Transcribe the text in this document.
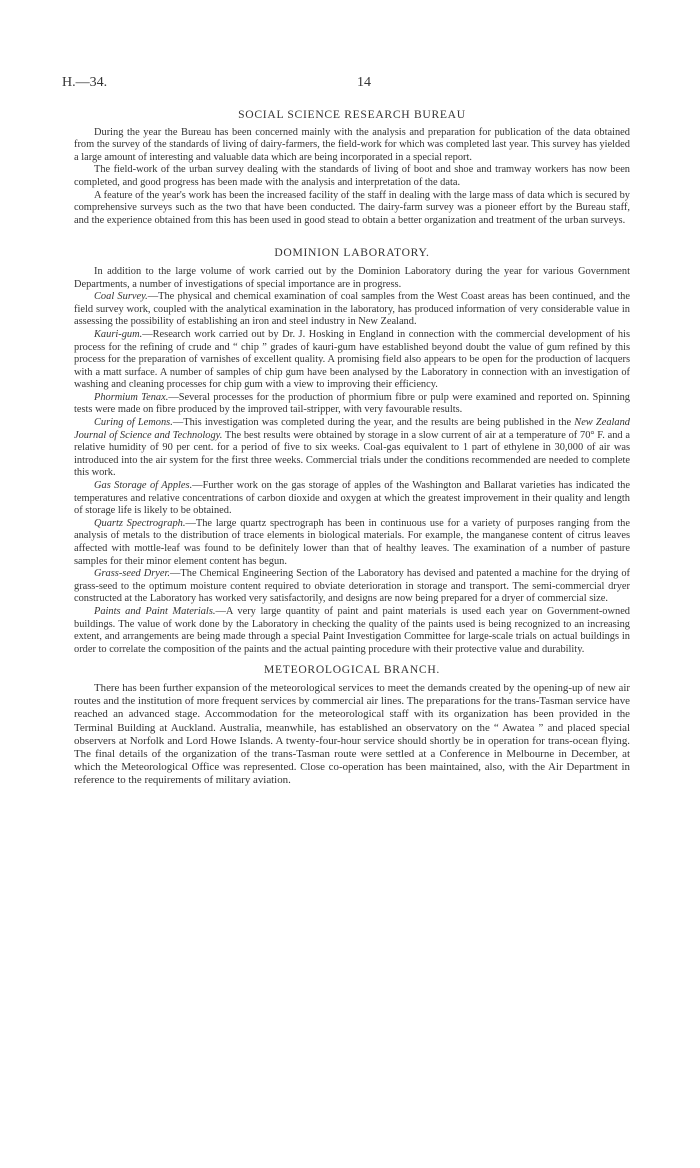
H.—34.	14
SOCIAL SCIENCE RESEARCH BUREAU

During the year the Bureau has been concerned mainly with the analysis and preparation for publication of the data obtained from the survey of the standards of living of dairy-farmers, the field-work for which was completed last year. This survey has yielded a large amount of interesting and valuable data which are being incorporated in a special report.

The field-work of the urban survey dealing with the standards of living of boot and shoe and tramway workers has now been completed, and good progress has been made with the analysis and interpretation of the data.

A feature of the year's work has been the increased facility of the staff in dealing with the large mass of data which is secured by comprehensive surveys such as the two that have been conducted. The dairy-farm survey was a pioneer effort by the Bureau staff, and the experience obtained from this has been used in good stead to obtain a better organization and treatment of the urban surveys.

DOMINION LABORATORY.

In addition to the large volume of work carried out by the Dominion Laboratory during the year for various Government Departments, a number of investigations of special importance are in progress.

Coal Survey.—The physical and chemical examination of coal samples from the West Coast areas has been continued, and the field survey work, coupled with the analytical examination in the laboratory, has produced information of very considerable value in assessing the possibility of establishing an iron and steel industry in New Zealand.

Kauri-gum.—Research work carried out by Dr. J. Hosking in England in connection with the commercial development of his process for the refining of crude and “ chip ” grades of kauri-gum have established beyond doubt the value of gum refined by this process for the preparation of varnishes of excellent quality. A promising field also appears to be open for the production of lacquers with a matt surface. A number of samples of chip gum have been analysed by the Laboratory in connection with an investigation of washing and cleaning processes for chip gum with a view to improving their efficiency.

Phormium Tenax.—Several processes for the production of phormium fibre or pulp were examined and reported on. Spinning tests were made on fibre produced by the improved tail-stripper, with very favourable results.

Curing of Lemons.—This investigation was completed during the year, and the results are being published in the New Zealand Journal of Science and Technology. The best results were obtained by storage in a slow current of air at a temperature of 70° F. and a relative humidity of 90 per cent. for a period of five to six weeks. Coal-gas equivalent to 1 part of ethylene in 30,000 of air was introduced into the air system for the first three weeks. Commercial trials under the conditions recommended are needed to complete this work.

Gas Storage of Apples.—Further work on the gas storage of apples of the Washington and Ballarat varieties has indicated the temperatures and relative concentrations of carbon dioxide and oxygen at which the greatest improvement in their quality and length of storage life is likely to be obtained.

Quartz Spectrograph.—The large quartz spectrograph has been in continuous use for a variety of purposes ranging from the analysis of metals to the distribution of trace elements in biological materials. For example, the manganese content of citrus leaves affected with mottle-leaf was found to be definitely lower than that of healthy leaves. The examination of a number of pasture samples for their minor element content has begun.

Grass-seed Dryer.—The Chemical Engineering Section of the Laboratory has devised and patented a machine for the drying of grass-seed to the optimum moisture content required to obviate deterioration in storage and transport. The semi-commercial dryer constructed at the Laboratory has worked very satisfactorily, and designs are now being prepared for a dryer of commercial size.

Paints and Paint Materials.—A very large quantity of paint and paint materials is used each year on Government-owned buildings. The value of work done by the Laboratory in checking the quality of the paints used is being recognized to an increasing extent, and arrangements are being made through a special Paint Investigation Committee for large-scale trials on actual buildings in order to correlate the composition of the paints and the actual painting procedure with their protective value and durability.

METEOROLOGICAL BRANCH.

There has been further expansion of the meteorological services to meet the demands created by the opening-up of new air routes and the institution of more frequent services by commercial air lines. The preparations for the trans-Tasman service have reached an advanced stage. Accommodation for the meteorological staff with its organization has been provided in the Terminal Building at Auckland. Australia, meanwhile, has established an observatory on the “ Awatea ” and placed special observers at Norfolk and Lord Howe Islands. A twenty-four-hour service should shortly be in operation for trans-ocean flying. The final details of the organization of the trans-Tasman route were settled at a Conference in Melbourne in December, at which the Meteorological Office was represented. Close co-operation has been maintained, also, with the Air Department in reference to the requirements of military aviation.
